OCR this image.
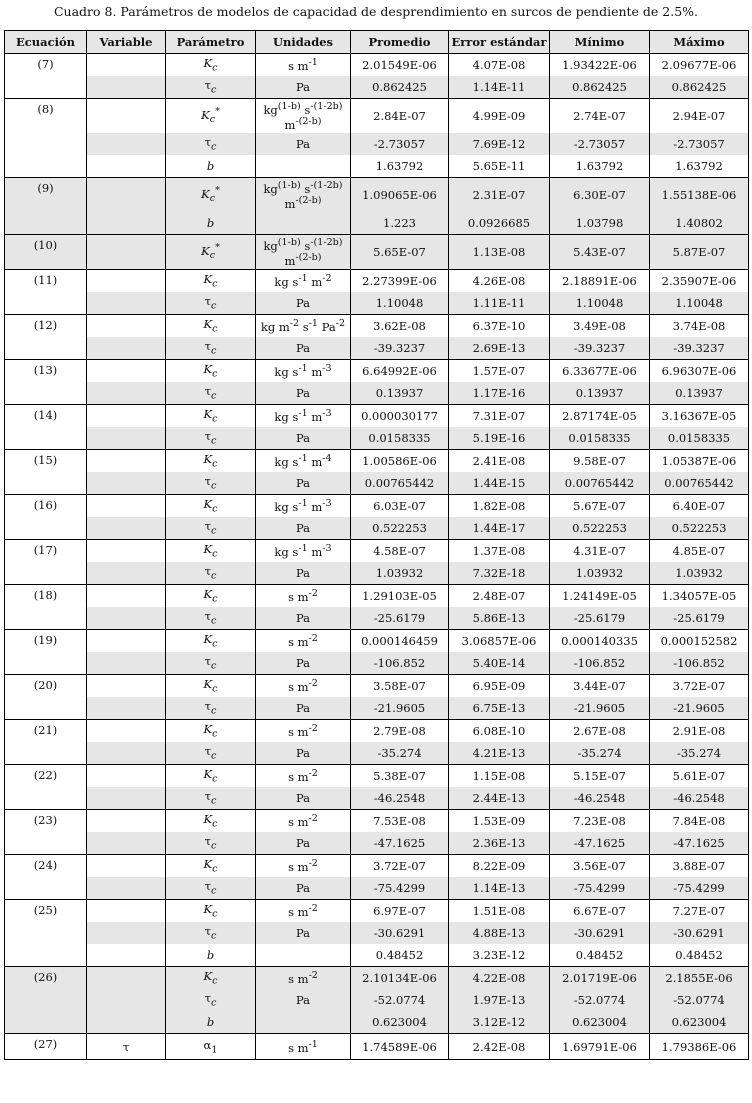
Cuadro 8. Parámetros de modelos de capacidad de desprendimiento en surcos de pendiente de 2.5%.
Ecuación	Variable	Parámetro	Unidades	Promedio	Error estándar	Mínimo	Máximo
(7)		$K_c$	s $m^{-1}$	2.01549E-06	4.07E-08	1.93422E-06	2.09677E-06
		$\tau_c$	Pa	0.862425	1.14E-11	0.862425	0.862425
(8)		$K_c^*$	$kg^{(1-b)}$ $s^{-(1-2b)}$
$m^{-(2-b)}$	2.84E-07	4.99E-09	2.74E-07	2.94E-07
		$\tau_c$	Pa	-2.73057	7.69E-12	-2.73057	-2.73057
		b		1.63792	5.65E-11	1.63792	1.63792
(9)		$K_c^*$	$kg^{(1-b)}$ $s^{-(1-2b)}$
$m^{-(2-b)}$	1.09065E-06	2.31E-07	6.30E-07	1.55138E-06
		b		1.223	0.0926685	1.03798	1.40802
(10)		$K_c^*$	$kg^{(1-b)}$ $s^{-(1-2b)}$
$m^{-(2-b)}$	5.65E-07	1.13E-08	5.43E-07	5.87E-07
(11)		$K_c$	kg $s^{-1}$ $m^{-2}$	2.27399E-06	4.26E-08	2.18891E-06	2.35907E-06
		$\tau_c$	Pa	1.10048	1.11E-11	1.10048	1.10048
(12)		$K_c$	kg $m^{-2}$ $s^{-1}$ $Pa^{-2}$	3.62E-08	6.37E-10	3.49E-08	3.74E-08
		$\tau_c$	Pa	-39.3237	2.69E-13	-39.3237	-39.3237
(13)		$K_c$	kg $s^{-1}$ $m^{-3}$	6.64992E-06	1.57E-07	6.33677E-06	6.96307E-06
		$\tau_c$	Pa	0.13937	1.17E-16	0.13937	0.13937
(14)		$K_c$	kg $s^{-1}$ $m^{-3}$	0.000030177	7.31E-07	2.87174E-05	3.16367E-05
		$\tau_c$	Pa	0.0158335	5.19E-16	0.0158335	0.0158335
(15)		$K_c$	kg $s^{-1}$ $m^{-4}$	1.00586E-06	2.41E-08	9.58E-07	1.05387E-06
		$\tau_c$	Pa	0.00765442	1.44E-15	0.00765442	0.00765442
(16)		$K_c$	kg $s^{-1}$ $m^{-3}$	6.03E-07	1.82E-08	5.67E-07	6.40E-07
		$\tau_c$	Pa	0.522253	1.44E-17	0.522253	0.522253
(17)		$K_c$	kg $s^{-1}$ $m^{-3}$	4.58E-07	1.37E-08	4.31E-07	4.85E-07
		$\tau_c$	Pa	1.03932	7.32E-18	1.03932	1.03932
(18)		$K_c$	s $m^{-2}$	1.29103E-05	2.48E-07	1.24149E-05	1.34057E-05
		$\tau_c$	Pa	-25.6179	5.86E-13	-25.6179	-25.6179
(19)		$K_c$	s $m^{-2}$	0.000146459	3.06857E-06	0.000140335	0.000152582
		$\tau_c$	Pa	-106.852	5.40E-14	-106.852	-106.852
(20)		$K_c$	s $m^{-2}$	3.58E-07	6.95E-09	3.44E-07	3.72E-07
		$\tau_c$	Pa	-21.9605	6.75E-13	-21.9605	-21.9605
(21)		$K_c$	s $m^{-2}$	2.79E-08	6.08E-10	2.67E-08	2.91E-08
		$\tau_c$	Pa	-35.274	4.21E-13	-35.274	-35.274
(22)		$K_c$	s $m^{-2}$	5.38E-07	1.15E-08	5.15E-07	5.61E-07
		$\tau_c$	Pa	-46.2548	2.44E-13	-46.2548	-46.2548
(23)		$K_c$	s $m^{-2}$	7.53E-08	1.53E-09	7.23E-08	7.84E-08
		$\tau_c$	Pa	-47.1625	2.36E-13	-47.1625	-47.1625
(24)		$K_c$	s $m^{-2}$	3.72E-07	8.22E-09	3.56E-07	3.88E-07
		$\tau_c$	Pa	-75.4299	1.14E-13	-75.4299	-75.4299
(25)		$K_c$	s $m^{-2}$	6.97E-07	1.51E-08	6.67E-07	7.27E-07
		$\tau_c$	Pa	-30.6291	4.88E-13	-30.6291	-30.6291
		b		0.48452	3.23E-12	0.48452	0.48452
(26)		$K_c$	s $m^{-2}$	2.10134E-06	4.22E-08	2.01719E-06	2.1855E-06
		$\tau_c$	Pa	-52.0774	1.97E-13	-52.0774	-52.0774
		b		0.623004	3.12E-12	0.623004	0.623004
(27)	τ	$\alpha_1$	s $m^{-1}$	1.74589E-06	2.42E-08	1.69791E-06	1.79386E-06
